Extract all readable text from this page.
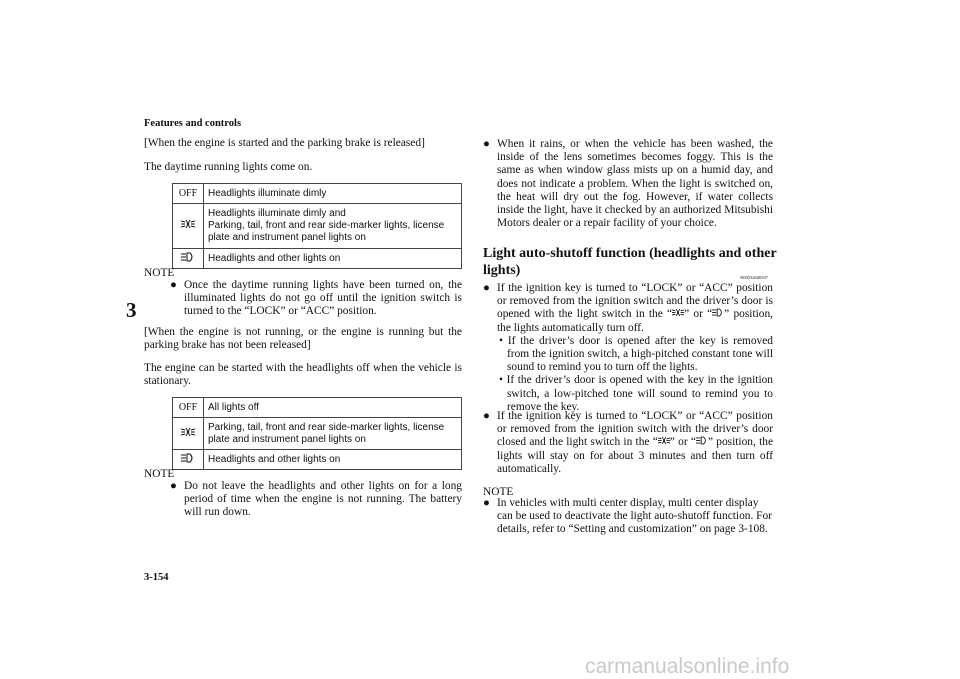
Features and controls
3
3-154
[When the engine is started and the parking brake is released]
The daytime running lights come on.
OFF	Headlights illuminate dimly
	Headlights illuminate dimly and
Parking, tail, front and rear side-marker lights, license plate and instrument panel lights on
	Headlights and other lights on
NOTE
● Once the daytime running lights have been turned on, the illuminated lights do not go off until the ignition switch is turned to the “LOCK” or “ACC” position.
[When the engine is not running, or the engine is running but the parking brake has not been released]
The engine can be started with the headlights off when the vehicle is stationary.
OFF	All lights off
	Parking, tail, front and rear side-marker lights, license plate and instrument panel lights on
	Headlights and other lights on
NOTE
● Do not leave the headlights and other lights on for a long period of time when the engine is not running. The battery will run down.
● When it rains, or when the vehicle has been washed, the inside of the lens sometimes becomes foggy. This is the same as when window glass mists up on a humid day, and does not indicate a problem. When the light is switched on, the heat will dry out the fog. However, if water collects inside the light, have it checked by an authorized Mitsubishi Motors dealer or a repair facility of your choice.
Light auto-shutoff function (headlights and other lights)	N00532600307
● If the ignition key is turned to “LOCK” or “ACC” position or removed from the ignition switch and the driver’s door is opened with the light switch in the “ ” or “ ” position, the lights automatically turn off.
• If the driver’s door is opened after the key is removed from the ignition switch, a high-pitched constant tone will sound to remind you to turn off the lights.
• If the driver’s door is opened with the key in the ignition switch, a low-pitched tone will sound to remind you to remove the key.
● If the ignition key is turned to “LOCK” or “ACC” position or removed from the ignition switch with the driver’s door closed and the light switch in the “ ” or “ ” position, the lights will stay on for about 3 minutes and then turn off automatically.
NOTE
● In vehicles with multi center display, multi center display can be used to deactivate the light auto-shutoff function. For details, refer to “Setting and customization” on page 3-108.
carmanualsonline.info
